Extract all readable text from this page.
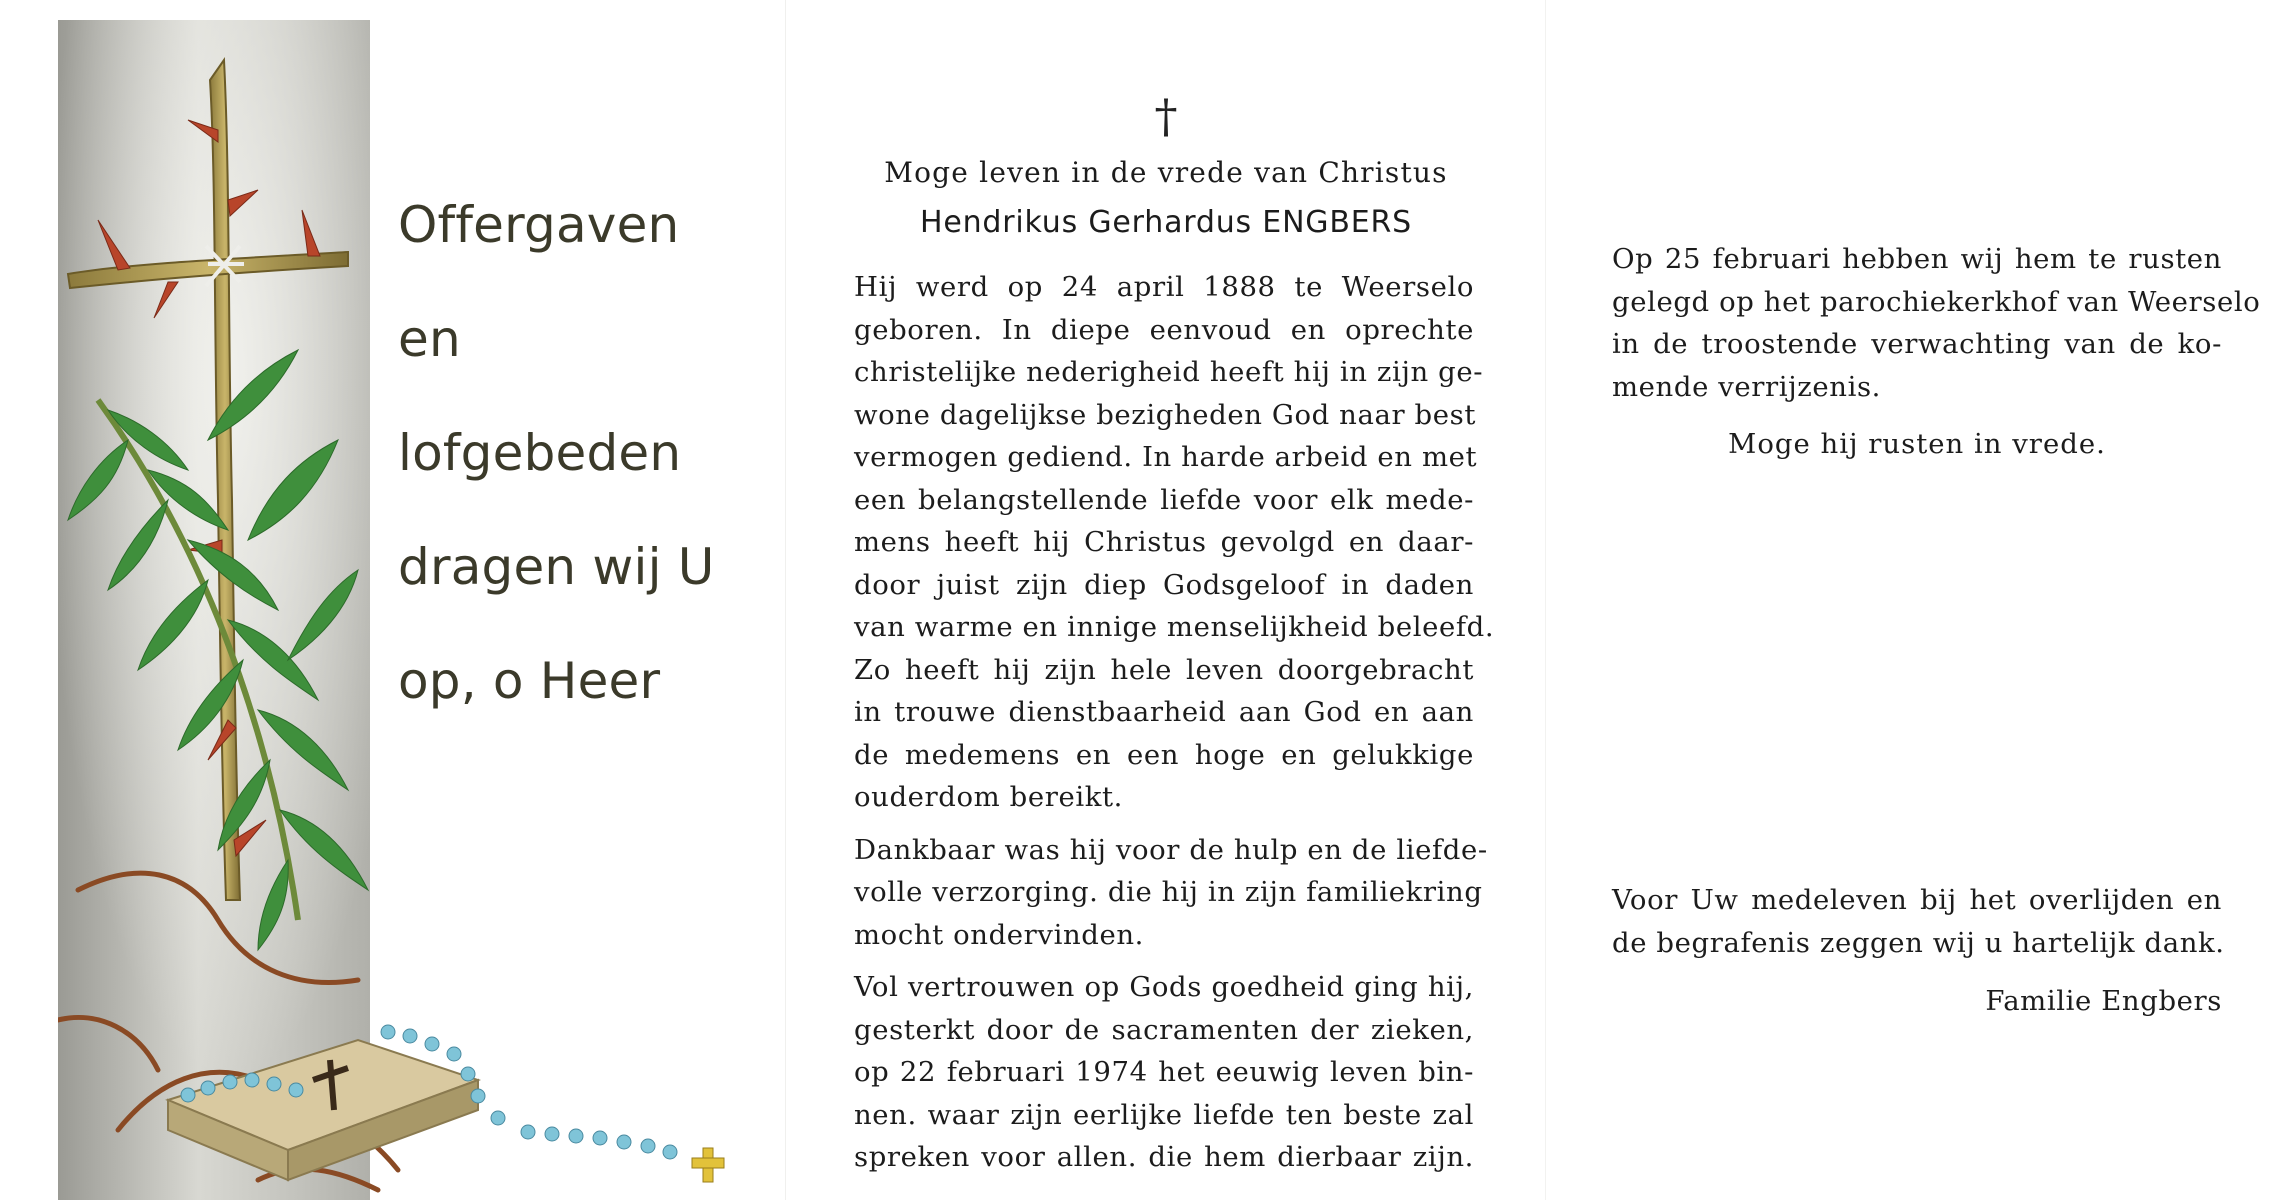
Offergaven
en
lofgebeden
dragen wij U
op, o Heer
†
Moge leven in de vrede van Christus
Hendrikus Gerhardus ENGBERS
Hij werd op 24 april 1888 te Weerselo
geboren. In diepe eenvoud en oprechte
christelijke nederigheid heeft hij in zijn ge-
wone dagelijkse bezigheden God naar best
vermogen gediend. In harde arbeid en met
een belangstellende liefde voor elk mede-
mens heeft hij Christus gevolgd en daar-
door juist zijn diep Godsgeloof in daden
van warme en innige menselijkheid beleefd.
Zo heeft hij zijn hele leven doorgebracht
in trouwe dienstbaarheid aan God en aan
de medemens en een hoge en gelukkige
ouderdom bereikt.
Dankbaar was hij voor de hulp en de liefde-
volle verzorging. die hij in zijn familiekring
mocht ondervinden.
Vol vertrouwen op Gods goedheid ging hij,
gesterkt door de sacramenten der zieken,
op 22 februari 1974 het eeuwig leven bin-
nen. waar zijn eerlijke liefde ten beste zal
spreken voor allen. die hem dierbaar zijn.
Op 25 februari hebben wij hem te rusten
gelegd op het parochiekerkhof van Weerselo
in de troostende verwachting van de ko-
mende verrijzenis.
Moge hij rusten in vrede.
Voor Uw medeleven bij het overlijden en
de begrafenis zeggen wij u hartelijk dank.
Familie Engbers
